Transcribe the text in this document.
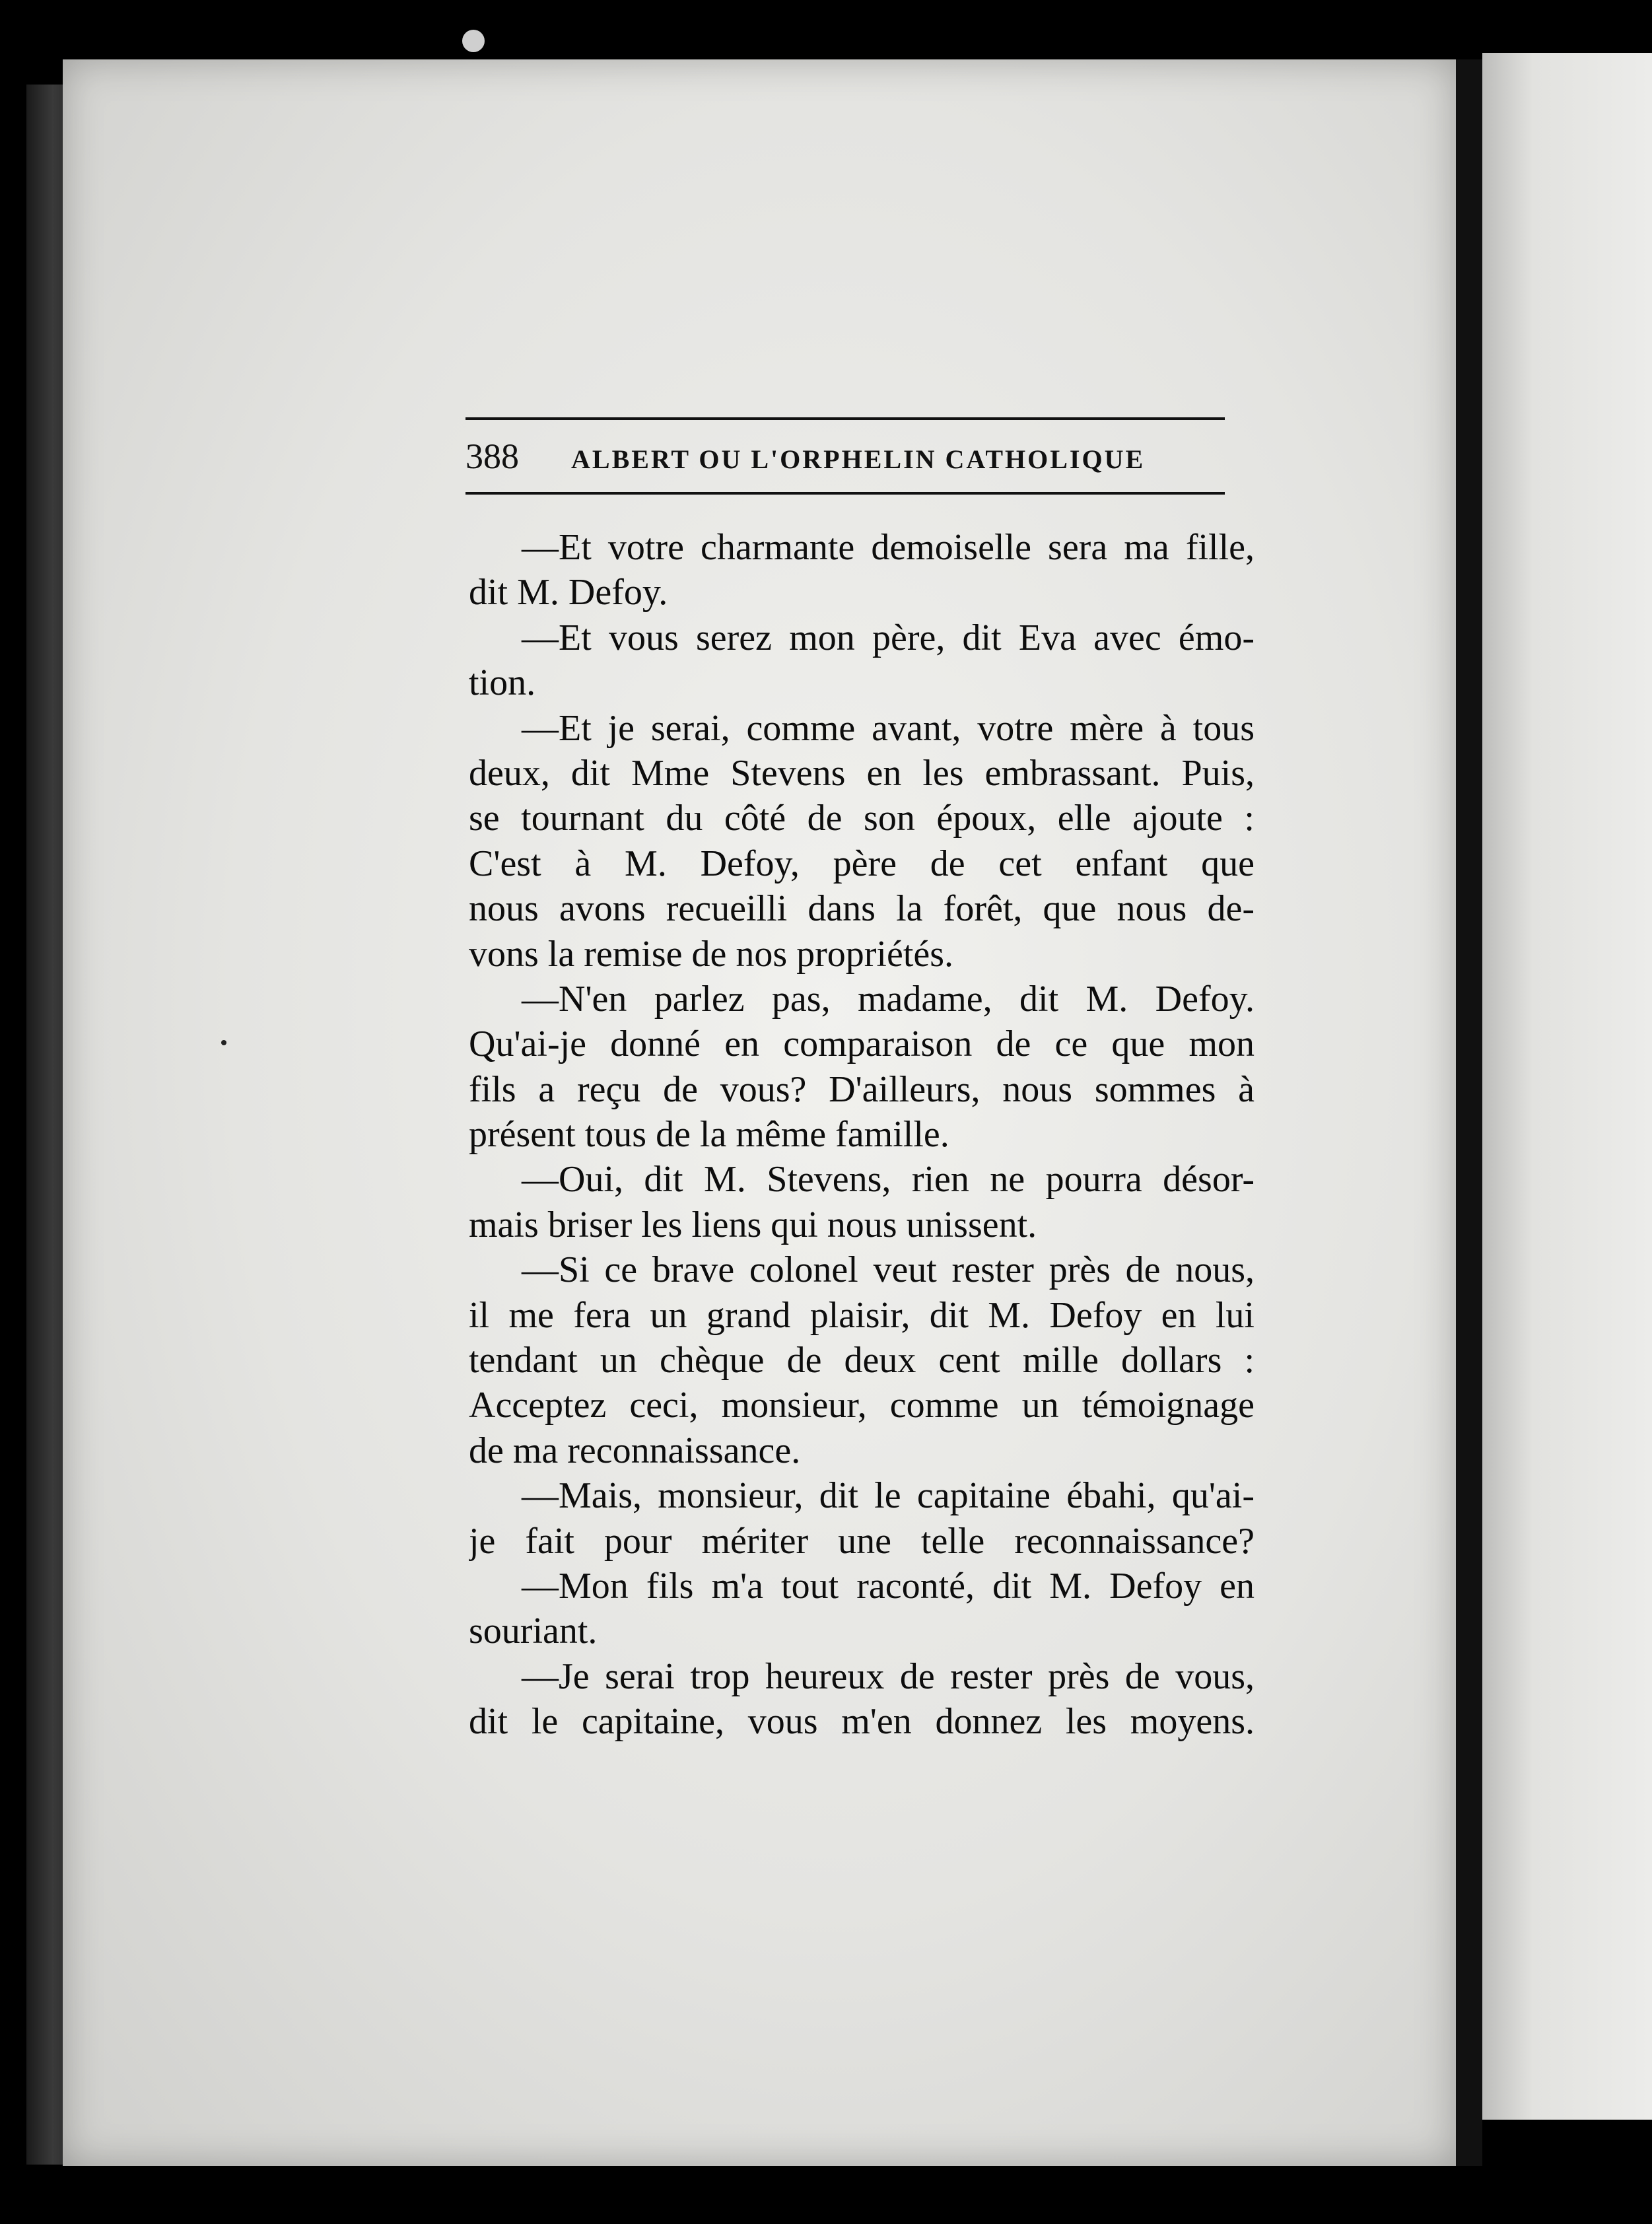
388	ALBERT OU L'ORPHELIN CATHOLIQUE
—Et votre charmante demoiselle sera ma fille,
dit M. Defoy.
—Et vous serez mon père, dit Eva avec émo-
tion.
—Et je serai, comme avant, votre mère à tous
deux, dit Mme Stevens en les embrassant. Puis,
se tournant du côté de son époux, elle ajoute :
C'est à M. Defoy, père de cet enfant que
nous avons recueilli dans la forêt, que nous de-
vons la remise de nos propriétés.
—N'en parlez pas, madame, dit M. Defoy.
Qu'ai-je donné en comparaison de ce que mon
fils a reçu de vous? D'ailleurs, nous sommes à
présent tous de la même famille.
—Oui, dit M. Stevens, rien ne pourra désor-
mais briser les liens qui nous unissent.
—Si ce brave colonel veut rester près de nous,
il me fera un grand plaisir, dit M. Defoy en lui
tendant un chèque de deux cent mille dollars :
Acceptez ceci, monsieur, comme un témoignage
de ma reconnaissance.
—Mais, monsieur, dit le capitaine ébahi, qu'ai-
je fait pour mériter une telle reconnaissance?
—Mon fils m'a tout raconté, dit M. Defoy en
souriant.
—Je serai trop heureux de rester près de vous,
dit le capitaine, vous m'en donnez les moyens.
